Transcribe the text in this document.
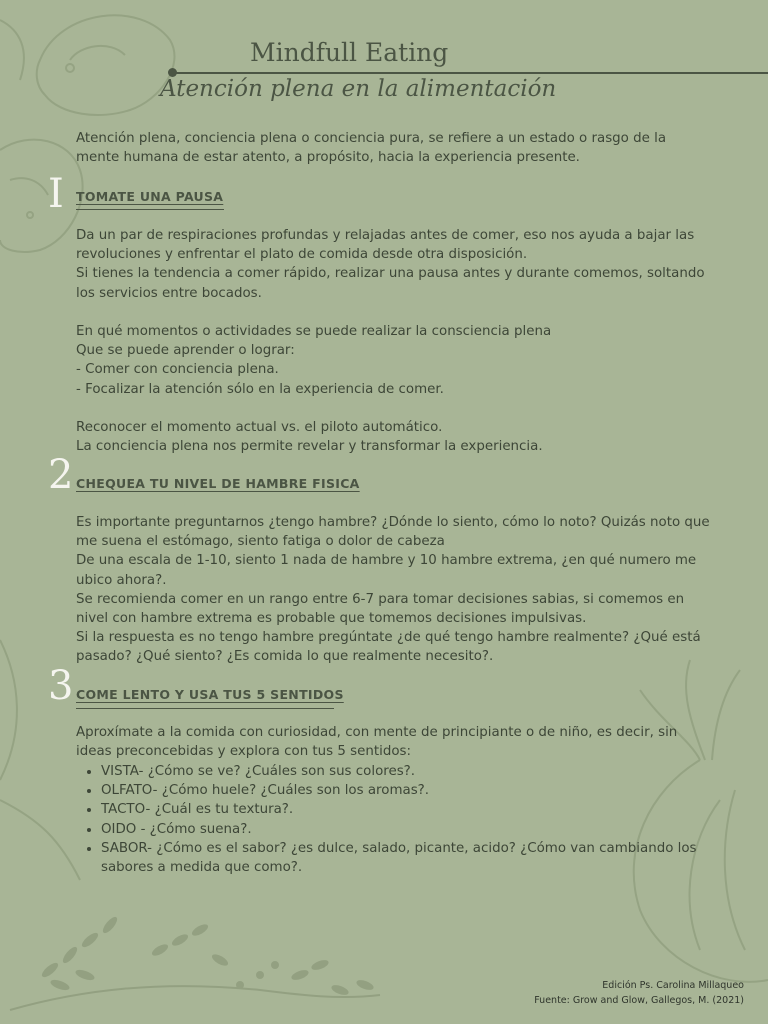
Mindfull Eating
Atención plena en la alimentación
Atención plena, conciencia plena o conciencia pura, se refiere a un estado o rasgo de la
mente humana de estar atento, a propósito, hacia la experiencia presente.
I TOMATE UNA PAUSA
Da un par de respiraciones profundas y relajadas antes de comer, eso nos ayuda a bajar las
revoluciones y enfrentar el plato de comida desde otra disposición.
Si tienes la tendencia a comer rápido, realizar una pausa antes y durante comemos, soltando
los servicios entre bocados.

En qué momentos o actividades se puede realizar la consciencia plena
Que se puede aprender o lograr:
- Comer con conciencia plena.
- Focalizar la atención sólo en la experiencia de comer.

Reconocer el momento actual vs. el piloto automático.
La conciencia plena nos permite revelar y transformar la experiencia.
2 CHEQUEA TU NIVEL DE HAMBRE FISICA
Es importante preguntarnos ¿tengo hambre? ¿Dónde lo siento, cómo lo noto? Quizás noto que
me suena el estómago, siento fatiga o dolor de cabeza
De una escala de 1-10, siento 1 nada de hambre y 10 hambre extrema, ¿en qué numero me
ubico ahora?.
Se recomienda comer en un rango entre 6-7 para tomar decisiones sabias, si comemos en
nivel con hambre extrema es probable que tomemos decisiones impulsivas.
Si la respuesta es no tengo hambre pregúntate ¿de qué tengo hambre realmente? ¿Qué está
pasado? ¿Qué siento? ¿Es comida lo que realmente necesito?.
3 COME LENTO Y USA TUS 5 SENTIDOS
Aproxímate a la comida con curiosidad, con mente de principiante o de niño, es decir, sin
ideas preconcebidas y explora con tus 5 sentidos:
• VISTA- ¿Cómo se ve? ¿Cuáles son sus colores?.
• OLFATO- ¿Cómo huele? ¿Cuáles son los aromas?.
• TACTO- ¿Cuál es tu textura?.
• OIDO - ¿Cómo suena?.
• SABOR- ¿Cómo es el sabor? ¿es dulce, salado, picante, acido? ¿Cómo van cambiando los sabores a medida que como?.
Edición Ps. Carolina Millaqueo
Fuente: Grow and Glow, Gallegos, M. (2021)
